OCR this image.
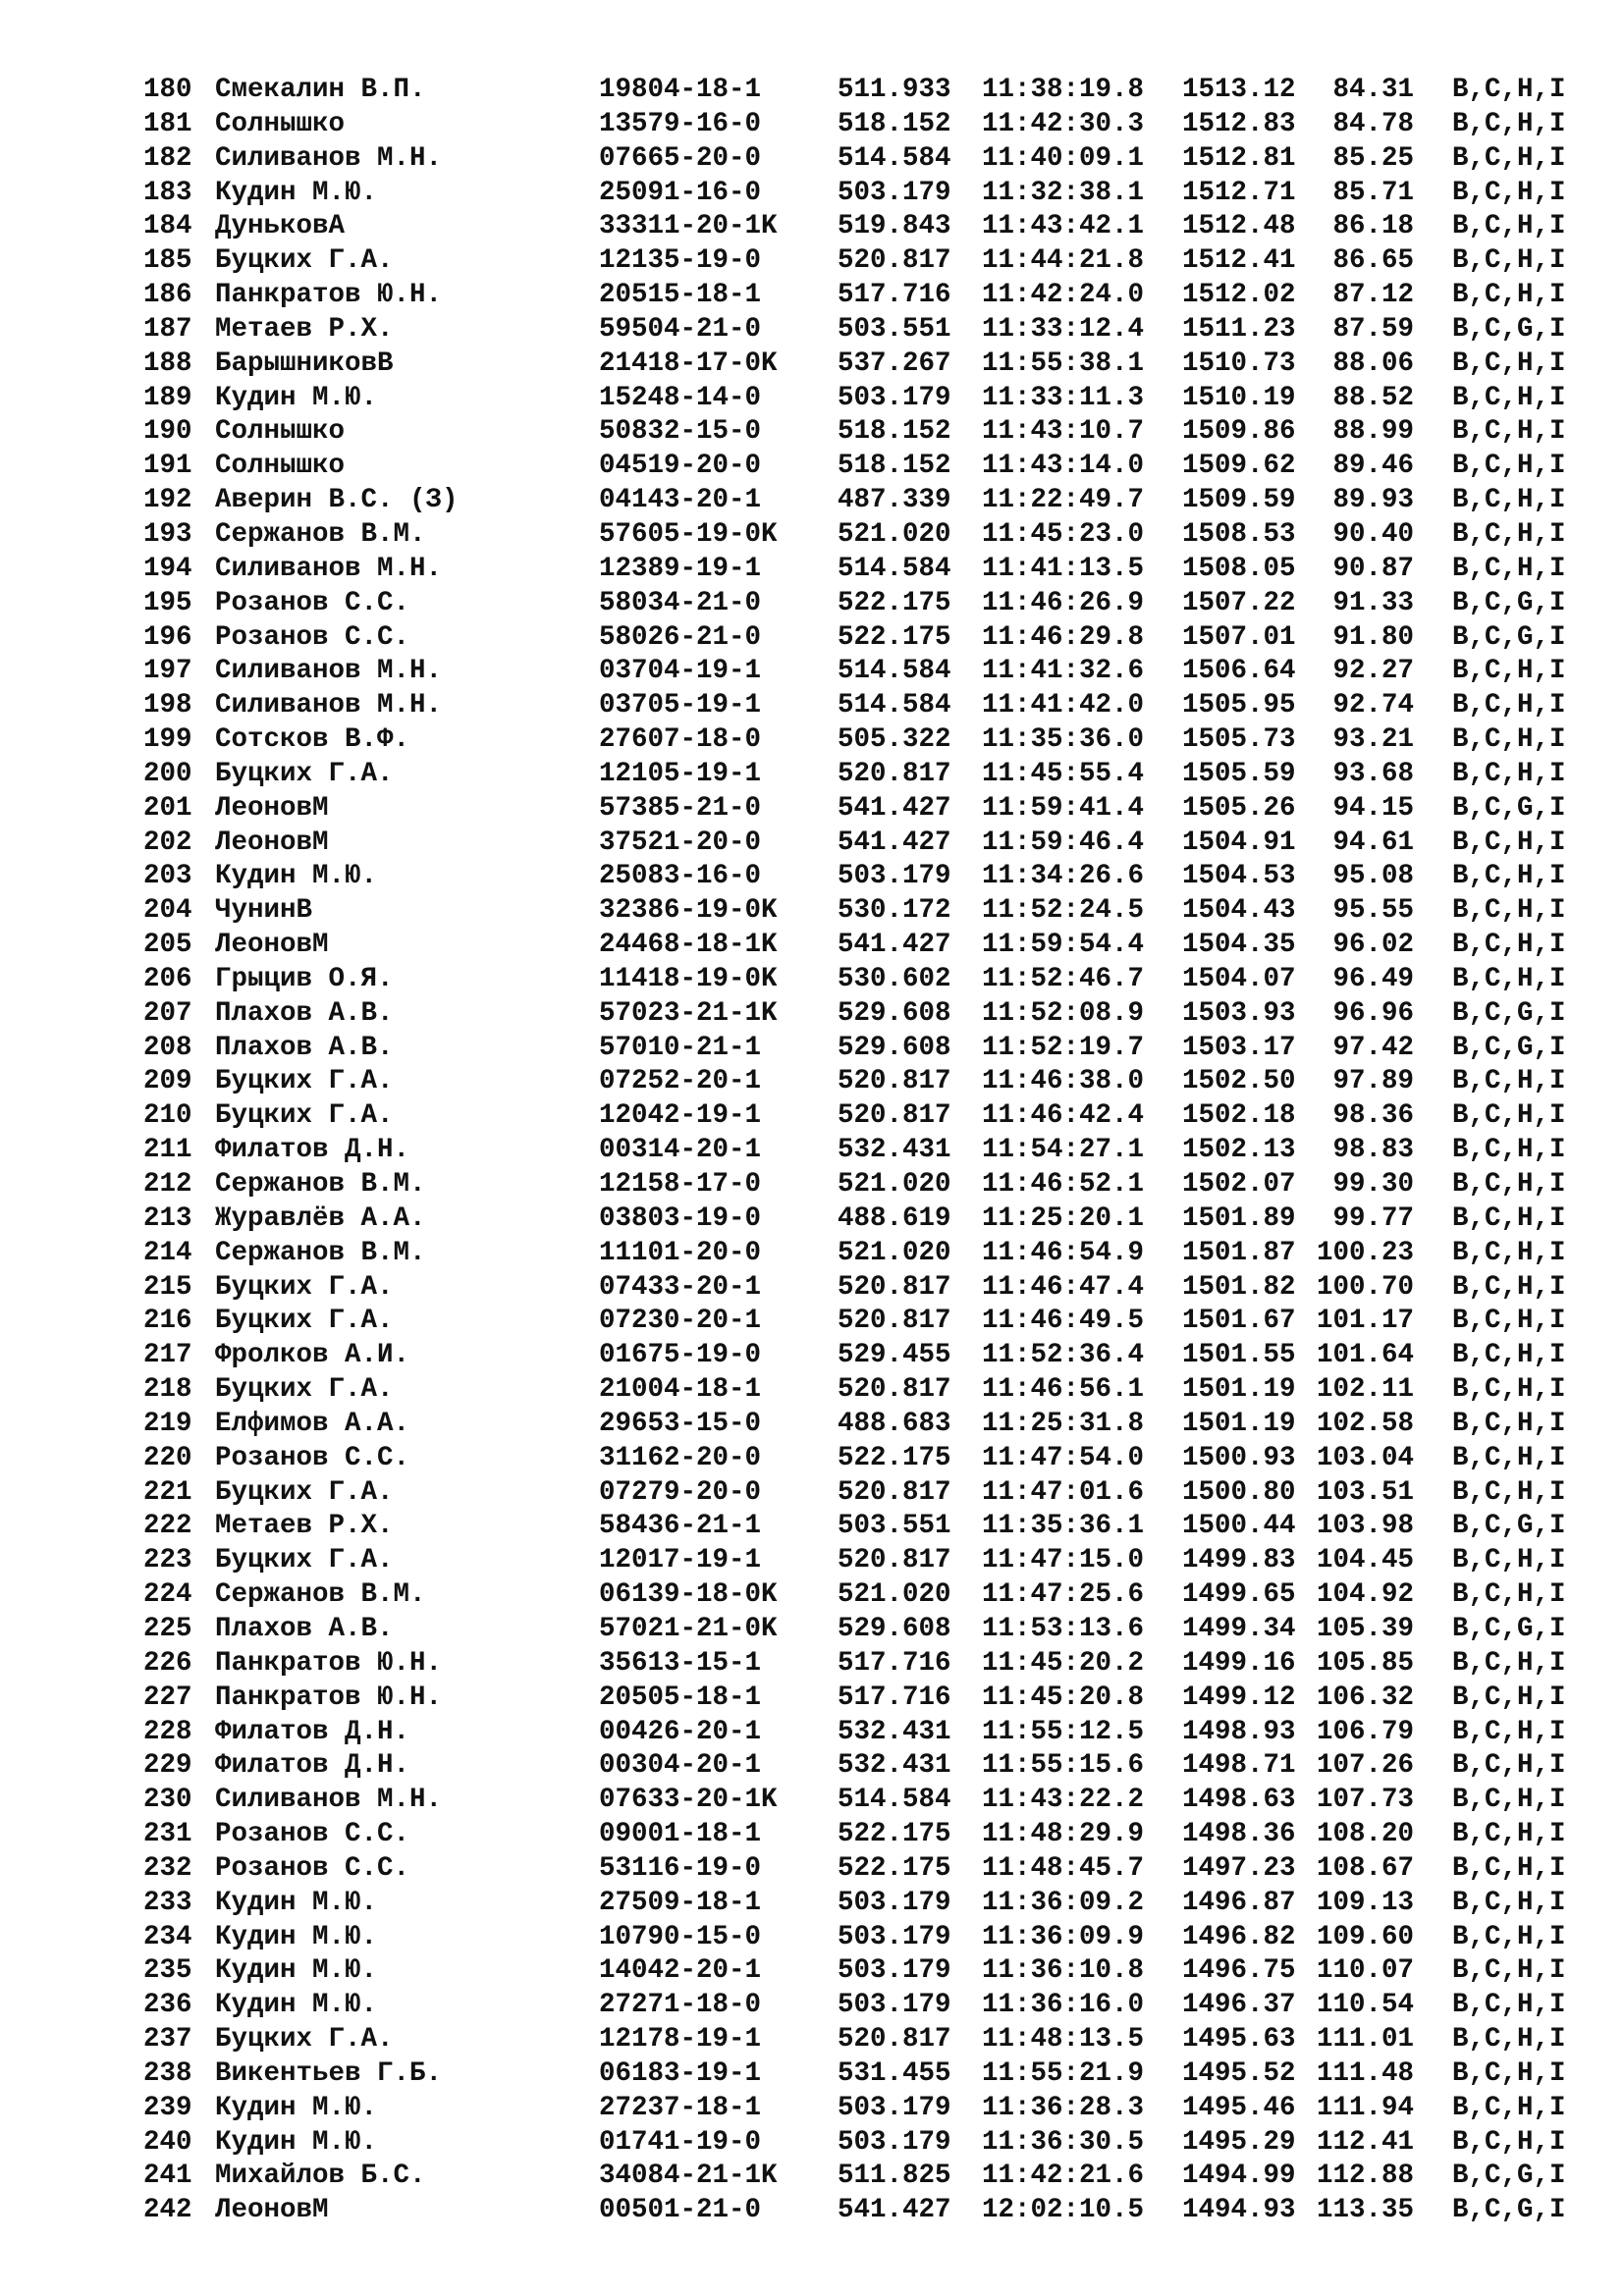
180 Смекалин В.П.	19804-18-1	511.933 11:38:19.8 1513.12	84.31 B,C,H,I
181 Солнышко	13579-16-0	518.152 11:42:30.3 1512.83	84.78 B,C,H,I
182 Силиванов М.Н.	07665-20-0	514.584 11:40:09.1 1512.81	85.25 B,C,H,I
183 Кудин М.Ю.	25091-16-0	503.179 11:32:38.1 1512.71	85.71 B,C,H,I
184 ДуньковА	33311-20-1K 519.843 11:43:42.1 1512.48	86.18 B,C,H,I
185 Буцких Г.А.	12135-19-0	520.817 11:44:21.8 1512.41	86.65 B,C,H,I
186 Панкратов Ю.Н.	20515-18-1	517.716 11:42:24.0 1512.02	87.12 B,C,H,I
187 Метаев Р.Х.	59504-21-0	503.551 11:33:12.4 1511.23	87.59 B,C,G,I
188 БарышниковВ	21418-17-0K 537.267 11:55:38.1 1510.73	88.06 B,C,H,I
189 Кудин М.Ю.	15248-14-0	503.179 11:33:11.3 1510.19	88.52 B,C,H,I
190 Солнышко	50832-15-0	518.152 11:43:10.7 1509.86	88.99 B,C,H,I
191 Солнышко	04519-20-0	518.152 11:43:14.0 1509.62	89.46 B,C,H,I
192 Аверин В.С. (З)	04143-20-1	487.339 11:22:49.7 1509.59	89.93 B,C,H,I
193 Сержанов В.М.	57605-19-0K 521.020 11:45:23.0 1508.53	90.40 B,C,H,I
194 Силиванов М.Н.	12389-19-1	514.584 11:41:13.5 1508.05	90.87 B,C,H,I
195 Розанов С.С.	58034-21-0	522.175 11:46:26.9 1507.22	91.33 B,C,G,I
196 Розанов С.С.	58026-21-0	522.175 11:46:29.8 1507.01	91.80 B,C,G,I
197 Силиванов М.Н.	03704-19-1	514.584 11:41:32.6 1506.64	92.27 B,C,H,I
198 Силиванов М.Н.	03705-19-1	514.584 11:41:42.0 1505.95	92.74 B,C,H,I
199 Сотсков В.Ф.	27607-18-0	505.322 11:35:36.0 1505.73	93.21 B,C,H,I
200 Буцких Г.А.	12105-19-1	520.817 11:45:55.4 1505.59	93.68 B,C,H,I
201 ЛеоновМ	57385-21-0	541.427 11:59:41.4 1505.26	94.15 B,C,G,I
202 ЛеоновМ	37521-20-0	541.427 11:59:46.4 1504.91	94.61 B,C,H,I
203 Кудин М.Ю.	25083-16-0	503.179 11:34:26.6 1504.53	95.08 B,C,H,I
204 ЧунинВ	32386-19-0K 530.172 11:52:24.5 1504.43	95.55 B,C,H,I
205 ЛеоновМ	24468-18-1K 541.427 11:59:54.4 1504.35	96.02 B,C,H,I
206 Грыцив О.Я.	11418-19-0K 530.602 11:52:46.7 1504.07	96.49 B,C,H,I
207 Плахов А.В.	57023-21-1K 529.608 11:52:08.9 1503.93	96.96 B,C,G,I
208 Плахов А.В.	57010-21-1	529.608 11:52:19.7 1503.17	97.42 B,C,G,I
209 Буцких Г.А.	07252-20-1	520.817 11:46:38.0 1502.50	97.89 B,C,H,I
210 Буцких Г.А.	12042-19-1	520.817 11:46:42.4 1502.18	98.36 B,C,H,I
211 Филатов Д.Н.	00314-20-1	532.431 11:54:27.1 1502.13	98.83 B,C,H,I
212 Сержанов В.М.	12158-17-0	521.020 11:46:52.1 1502.07	99.30 B,C,H,I
213 Журавлёв А.А.	03803-19-0	488.619 11:25:20.1 1501.89	99.77 B,C,H,I
214 Сержанов В.М.	11101-20-0	521.020 11:46:54.9 1501.87 100.23 B,C,H,I
215 Буцких Г.А.	07433-20-1	520.817 11:46:47.4 1501.82 100.70 B,C,H,I
216 Буцких Г.А.	07230-20-1	520.817 11:46:49.5 1501.67 101.17 B,C,H,I
217 Фролков А.И.	01675-19-0	529.455 11:52:36.4 1501.55 101.64 B,C,H,I
218 Буцких Г.А.	21004-18-1	520.817 11:46:56.1 1501.19 102.11 B,C,H,I
219 Елфимов А.А.	29653-15-0	488.683 11:25:31.8 1501.19 102.58 B,C,H,I
220 Розанов С.С.	31162-20-0	522.175 11:47:54.0 1500.93 103.04 B,C,H,I
221 Буцких Г.А.	07279-20-0	520.817 11:47:01.6 1500.80 103.51 B,C,H,I
222 Метаев Р.Х.	58436-21-1	503.551 11:35:36.1 1500.44 103.98 B,C,G,I
223 Буцких Г.А.	12017-19-1	520.817 11:47:15.0 1499.83 104.45 B,C,H,I
224 Сержанов В.М.	06139-18-0K 521.020 11:47:25.6 1499.65 104.92 B,C,H,I
225 Плахов А.В.	57021-21-0K 529.608 11:53:13.6 1499.34 105.39 B,C,G,I
226 Панкратов Ю.Н.	35613-15-1	517.716 11:45:20.2 1499.16 105.85 B,C,H,I
227 Панкратов Ю.Н.	20505-18-1	517.716 11:45:20.8 1499.12 106.32 B,C,H,I
228 Филатов Д.Н.	00426-20-1	532.431 11:55:12.5 1498.93 106.79 B,C,H,I
229 Филатов Д.Н.	00304-20-1	532.431 11:55:15.6 1498.71 107.26 B,C,H,I
230 Силиванов М.Н.	07633-20-1K 514.584 11:43:22.2 1498.63 107.73 B,C,H,I
231 Розанов С.С.	09001-18-1	522.175 11:48:29.9 1498.36 108.20 B,C,H,I
232 Розанов С.С.	53116-19-0	522.175 11:48:45.7 1497.23 108.67 B,C,H,I
233 Кудин М.Ю.	27509-18-1	503.179 11:36:09.2 1496.87 109.13 B,C,H,I
234 Кудин М.Ю.	10790-15-0	503.179 11:36:09.9 1496.82 109.60 B,C,H,I
235 Кудин М.Ю.	14042-20-1	503.179 11:36:10.8 1496.75 110.07 B,C,H,I
236 Кудин М.Ю.	27271-18-0	503.179 11:36:16.0 1496.37 110.54 B,C,H,I
237 Буцких Г.А.	12178-19-1	520.817 11:48:13.5 1495.63 111.01 B,C,H,I
238 Викентьев Г.Б.	06183-19-1	531.455 11:55:21.9 1495.52 111.48 B,C,H,I
239 Кудин М.Ю.	27237-18-1	503.179 11:36:28.3 1495.46 111.94 B,C,H,I
240 Кудин М.Ю.	01741-19-0	503.179 11:36:30.5 1495.29 112.41 B,C,H,I
241 Михайлов Б.С.	34084-21-1K 511.825 11:42:21.6 1494.99 112.88 B,C,G,I
242 ЛеоновМ	00501-21-0	541.427 12:02:10.5 1494.93 113.35 B,C,G,I
